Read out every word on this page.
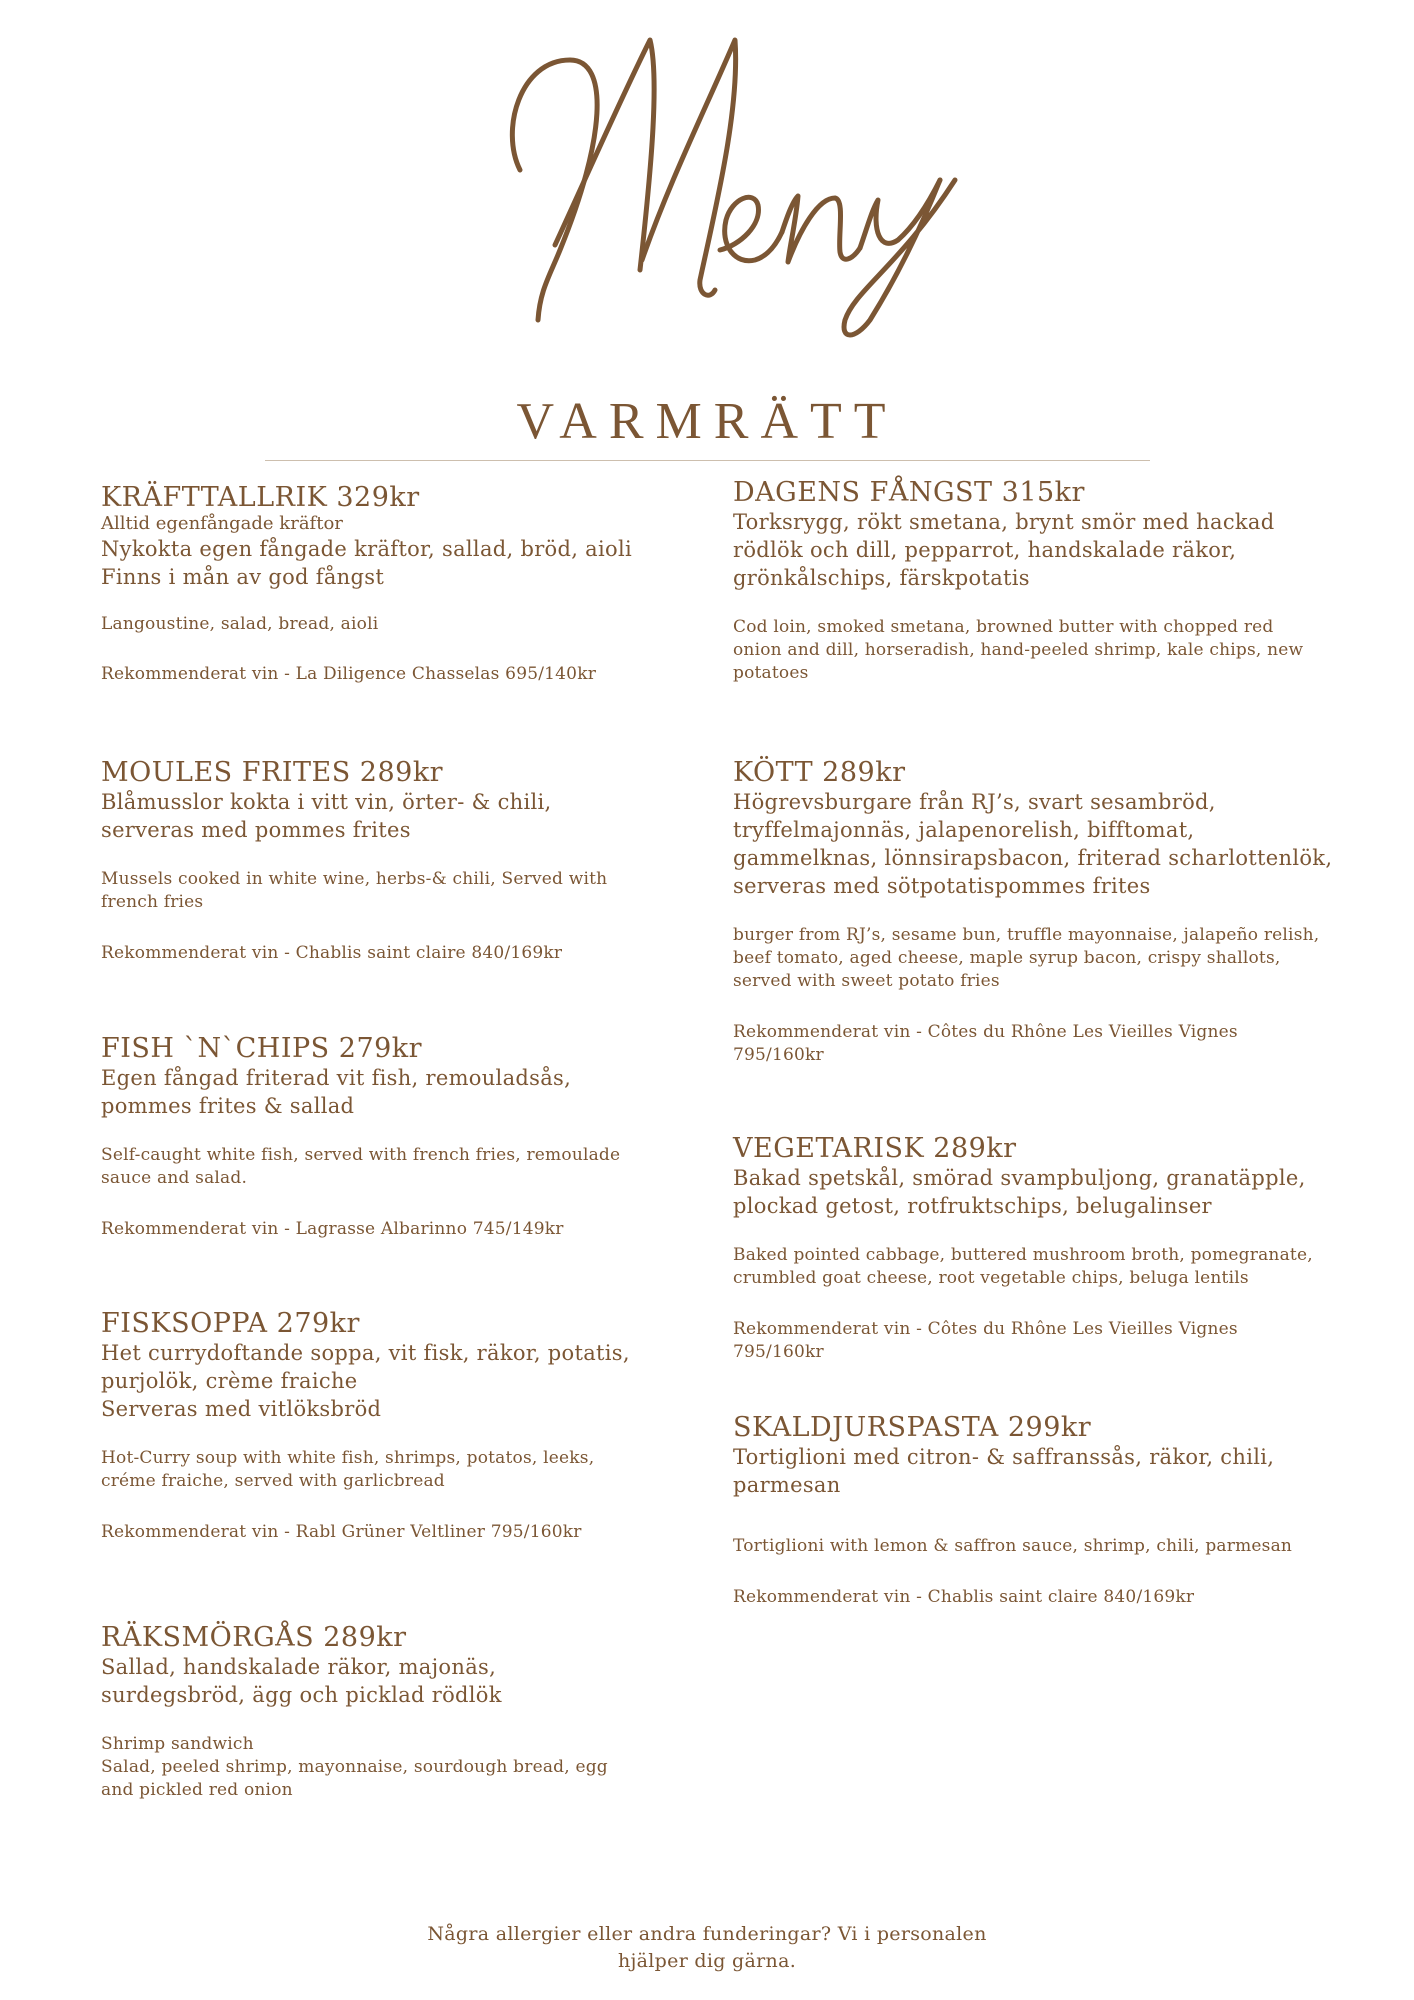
VARMRÄTT
KRÄFTTALLRIK 329kr
Alltid egenfångade kräftor
Nykokta egen fångade kräftor, sallad, bröd, aioli
Finns i mån av god fångst
Langoustine, salad, bread, aioli
Rekommenderat vin - La Diligence Chasselas 695/140kr
MOULES FRITES 289kr
Blåmusslor kokta i vitt vin, örter- & chili,
serveras med pommes frites
Mussels cooked in white wine, herbs-& chili, Served with
french fries
Rekommenderat vin - Chablis saint claire 840/169kr
FISH `N`CHIPS 279kr
Egen fångad friterad vit fish, remouladsås,
pommes frites & sallad
Self-caught white fish, served with french fries, remoulade
sauce and salad.
Rekommenderat vin - Lagrasse Albarinno 745/149kr
FISKSOPPA 279kr
Het currydoftande soppa, vit fisk, räkor, potatis,
purjolök, crème fraiche
Serveras med vitlöksbröd
Hot-Curry soup with white fish, shrimps, potatos, leeks,
créme fraiche, served with garlicbread
Rekommenderat vin - Rabl Grüner Veltliner 795/160kr
RÄKSMÖRGÅS 289kr
Sallad, handskalade räkor, majonäs,
surdegsbröd, ägg och picklad rödlök
Shrimp sandwich
Salad, peeled shrimp, mayonnaise, sourdough bread, egg
and pickled red onion
DAGENS FÅNGST 315kr
Torksrygg, rökt smetana, brynt smör med hackad
rödlök och dill, pepparrot, handskalade räkor,
grönkålschips, färskpotatis
Cod loin, smoked smetana, browned butter with chopped red
onion and dill, horseradish, hand-peeled shrimp, kale chips, new
potatoes
KÖTT 289kr
Högrevsburgare från RJ’s, svart sesambröd,
tryffelmajonnäs, jalapenorelish, bifftomat,
gammelknas, lönnsirapsbacon, friterad scharlottenlök,
serveras med sötpotatispommes frites
burger from RJ’s, sesame bun, truffle mayonnaise, jalapeño relish,
beef tomato, aged cheese, maple syrup bacon, crispy shallots,
served with sweet potato fries
Rekommenderat vin - Côtes du Rhône Les Vieilles Vignes
795/160kr
VEGETARISK 289kr
Bakad spetskål, smörad svampbuljong, granatäpple,
plockad getost, rotfruktschips, belugalinser
Baked pointed cabbage, buttered mushroom broth, pomegranate,
crumbled goat cheese, root vegetable chips, beluga lentils
Rekommenderat vin - Côtes du Rhône Les Vieilles Vignes
795/160kr
SKALDJURSPASTA 299kr
Tortiglioni med citron- & saffranssås, räkor, chili,
parmesan
Tortiglioni with lemon & saffron sauce, shrimp, chili, parmesan
Rekommenderat vin - Chablis saint claire 840/169kr
Några allergier eller andra funderingar? Vi i personalen
hjälper dig gärna.
